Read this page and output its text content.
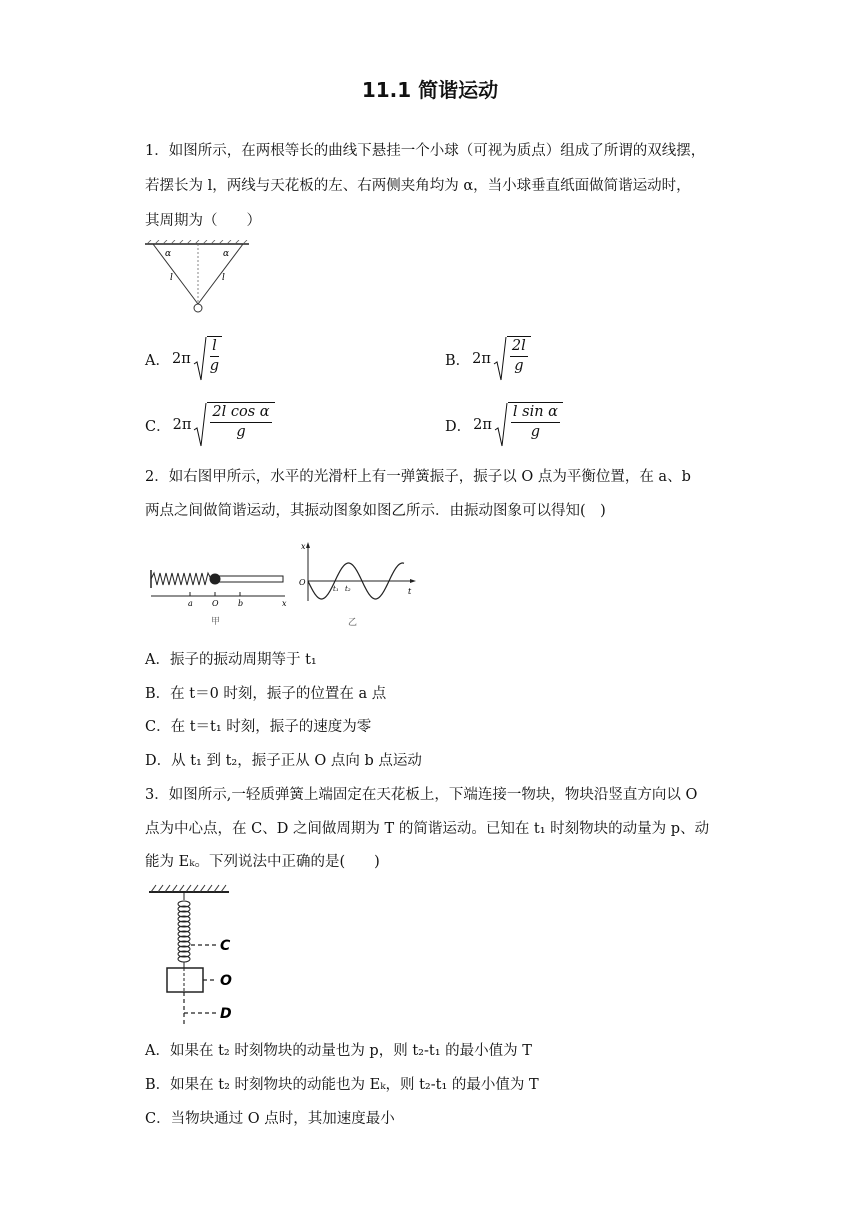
11.1 简谐运动
1．如图所示，在两根等长的曲线下悬挂一个小球（可视为质点）组成了所谓的双线摆，
若摆长为 l，两线与天花板的左、右两侧夹角均为 α，当小球垂直纸面做简谐运动时，
其周期为（　　）
α	α
l	l
A． $2\pi \frac{l}{g}$	B． $2\pi \frac{2l}{g}$
C． $2\pi \frac{\text{2l cos α}}{g}$	D． $2\pi \frac{\text{l sin α}}{g}$
2．如右图甲所示，水平的光滑杆上有一弹簧振子，振子以 O 点为平衡位置，在 a、b
两点之间做简谐运动，其振动图象如图乙所示．由振动图象可以得知(　)
a O b	x
甲
x
O
t
t₁ t₂
乙
A．振子的振动周期等于 t₁
B．在 t＝0 时刻，振子的位置在 a 点
C．在 t＝t₁ 时刻，振子的速度为零
D．从 t₁ 到 t₂，振子正从 O 点向 b 点运动
3．如图所示,一轻质弹簧上端固定在天花板上，下端连接一物块，物块沿竖直方向以 O
点为中心点，在 C、D 之间做周期为 T 的简谐运动。已知在 t₁ 时刻物块的动量为 p、动
能为 Eₖ。下列说法中正确的是(　　)
C
O
D
A．如果在 t₂ 时刻物块的动量也为 p，则 t₂-t₁ 的最小值为 T
B．如果在 t₂ 时刻物块的动能也为 Eₖ，则 t₂-t₁ 的最小值为 T
C．当物块通过 O 点时，其加速度最小
